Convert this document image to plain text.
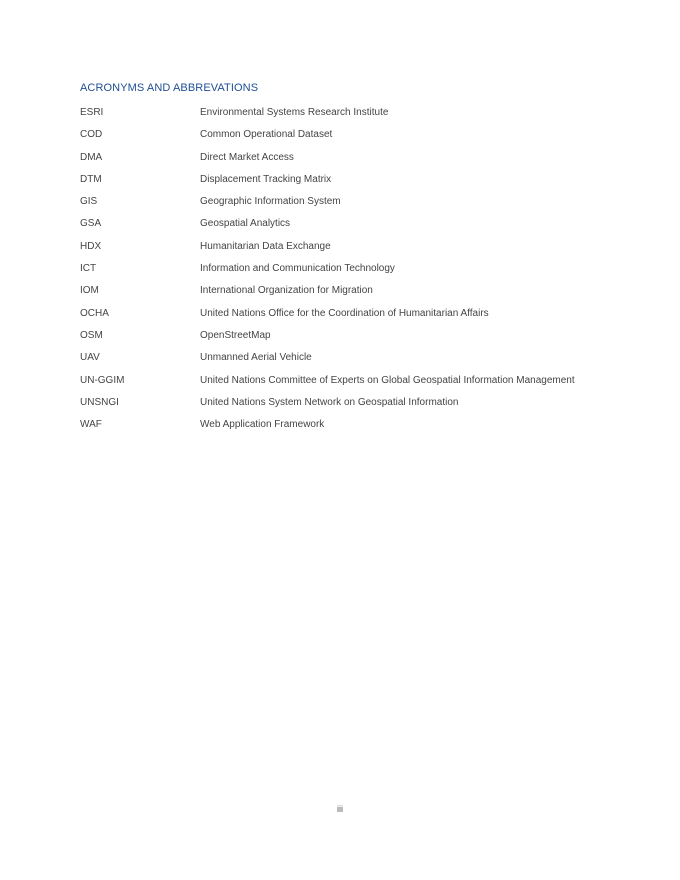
ACRONYMS AND ABBREVATIONS
ESRI	Environmental Systems Research Institute
COD	Common Operational Dataset
DMA	Direct Market Access
DTM	Displacement Tracking Matrix
GIS	Geographic Information System
GSA	Geospatial Analytics
HDX	Humanitarian Data Exchange
ICT	Information and Communication Technology
IOM	International Organization for Migration
OCHA	United Nations Office for the Coordination of Humanitarian Affairs
OSM	OpenStreetMap
UAV	Unmanned Aerial Vehicle
UN-GGIM	United Nations Committee of Experts on Global Geospatial Information Management
UNSNGI	United Nations System Network on Geospatial Information
WAF	Web Application Framework
iii
